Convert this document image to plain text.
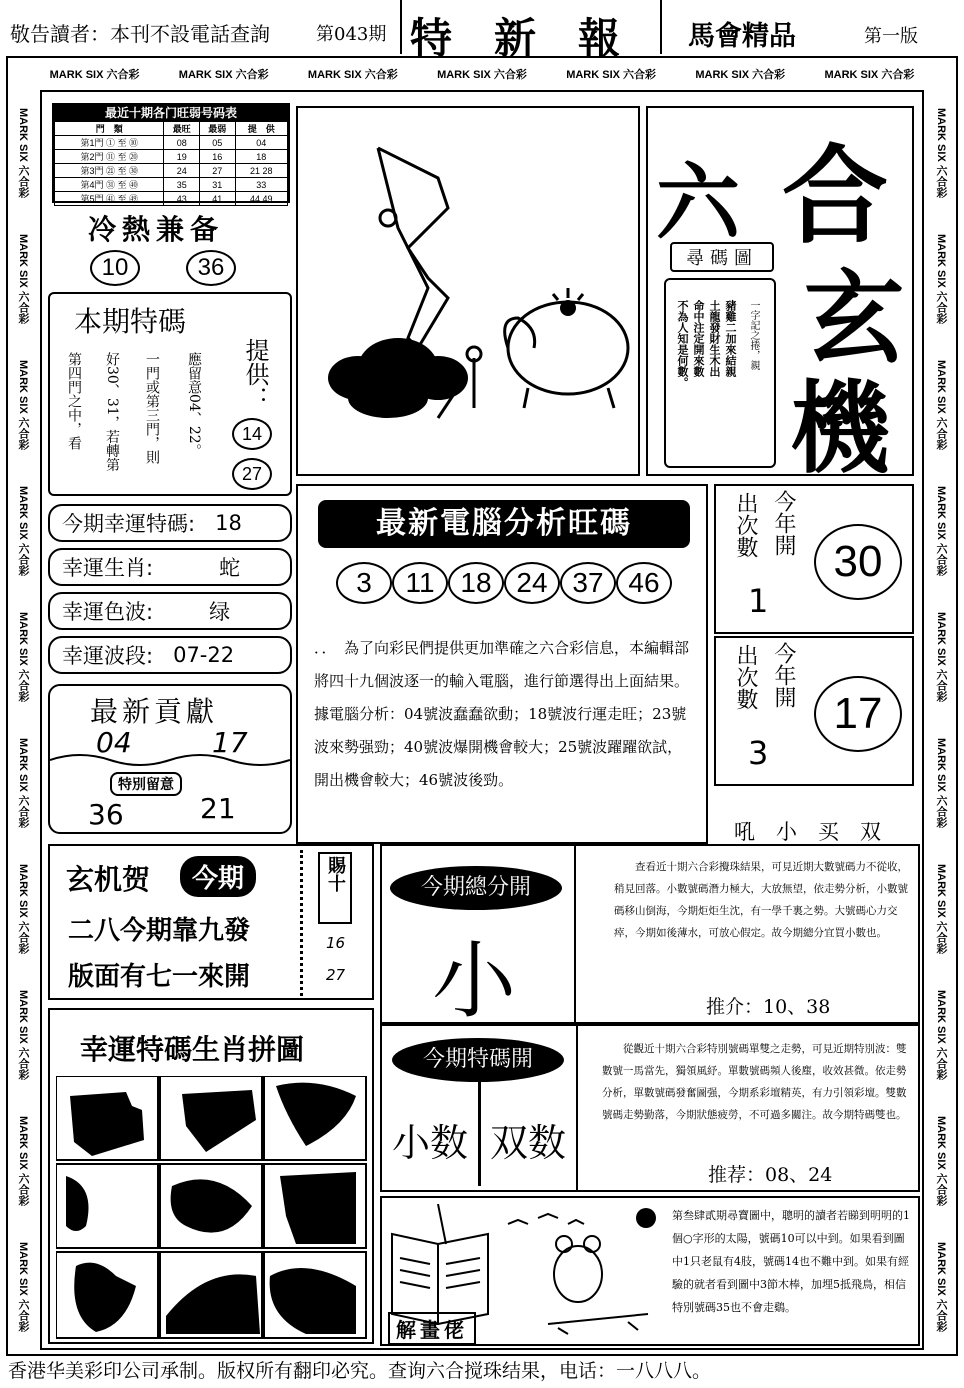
敬告讀者：本刊不設電話查詢	第043期 特　新　報	馬會精品	第一版
MARK SIX 六合彩	MARK SIX 六合彩	MARK SIX 六合彩	MARK SIX 六合彩	MARK SIX 六合彩	MARK SIX 六合彩	MARK SIX 六合彩
MARK SIX 六合彩
MARK SIX 六合彩
MARK SIX 六合彩
MARK SIX 六合彩
MARK SIX 六合彩
MARK SIX 六合彩
MARK SIX 六合彩
MARK SIX 六合彩
MARK SIX 六合彩
MARK SIX 六合彩
MARK SIX 六合彩
MARK SIX 六合彩
MARK SIX 六合彩
MARK SIX 六合彩
MARK SIX 六合彩
MARK SIX 六合彩
MARK SIX 六合彩
MARK SIX 六合彩
MARK SIX 六合彩
MARK SIX 六合彩
最近十期各门旺弱号码表
門　類	最旺	最弱	提　供
第1門 ① 至 ⑩	08	05	04
第2門 ⑪ 至 ⑳	19	16	18
第3門 ㉑ 至 ㉚	24	27	21 28
第4門 ㉛ 至 ㊵	35	31	33
第5門 ㊶ 至 ㊾	43	41	44 49
冷熱兼备
10	36
本期特碼
第四門之中，看 好30、31，若轉第 一門或第三門，則 應留意04、22。 提供：
14
27
今期幸運特碼: 18
幸運生肖:	蛇
幸運色波:	绿
幸運波段: 07-22
最新貢獻
04	17
特別留意
36	21
玄机贺	今期
二八今期靠九發
版面有七一來開
賜十
16
27
幸運特碼生肖拼圖
六 合
玄
機
尋碼圖
不為人知是何數。 命中注定開來數 土龍發財生木出 豬雞二加來結親 一字記之捲，親
最新電腦分析旺碼
3	11 18 24 37 46
．．　為了向彩民們提供更加準確之六合彩信息，本編輯部將四十九個波逐一的輸入電腦，進行節選得出上面結果。據電腦分析：04號波蠢蠢欲動；18號波行運走旺；23號波來勢强勁；40號波爆開機會較大；25號波躍躍欲試，開出機會較大；46號波後勁。
今年開
出次數
1
30
今年開
出次數
3
17
吼　小　买　双
今期總分開
小
　　查看近十期六合彩攪珠結果，可見近期大數號碼力不從收，稍見回落。小數號碼潛力極大，大放無望，依走勢分析，小數號碼移山倒海，今期炬炬生沈，有一學千裏之勢。大號碼心力交瘁，今期如後薄水，可放心假定。故今期總分宜買小數也。
推介：10、38
今期特碼開
小数 双数
　　從觀近十期六合彩特別號碼單雙之走勢，可見近期特別波：雙數號一馬當先，獨領風紓。單數號碼頻人後塵，收效甚微。依走勢分析，單數號碼發奮圖强，今期系彩壇精英，有力引領彩壇。雙數號碼走勢勤落，今期狀態疲勞，不可過多關注。故今期特碼雙也。
推荐：08、24
解畫佬
第叁肆貳期尋寶圖中，聰明的讀者若睇到明明的1個○字形的太陽，號碼10可以中到。如果看到圖中1只老鼠有4肢，號碼14也不難中到。如果有經驗的就者看到圖中3節木棒，加埋5抵飛鳥，相信特別號碼35也不會走鷄。
香港华美彩印公司承制。版权所有翻印必究。查询六合搅珠结果，电话：一八八八。
